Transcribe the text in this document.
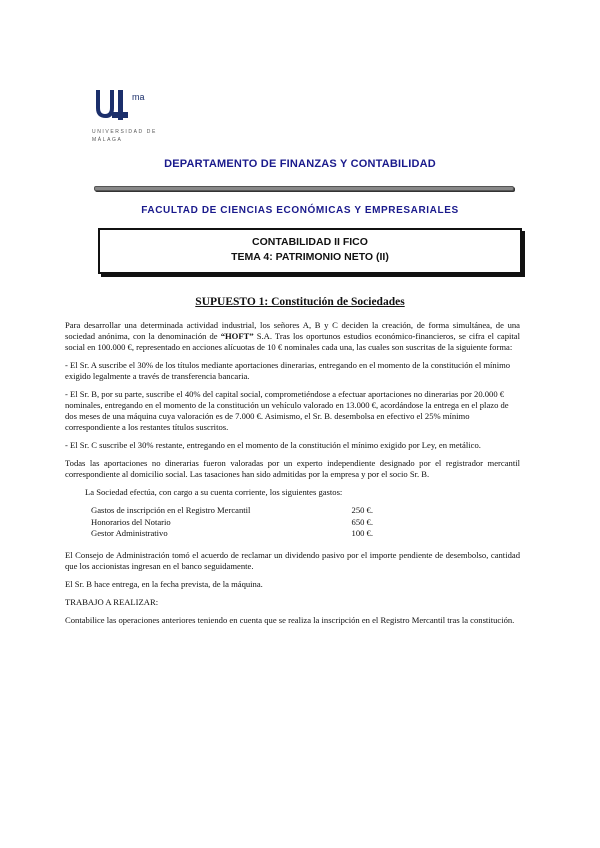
ma
UNIVERSIDAD DE MÁLAGA
DEPARTAMENTO DE FINANZAS Y CONTABILIDAD
FACULTAD DE CIENCIAS ECONÓMICAS Y EMPRESARIALES
CONTABILIDAD II FICO
TEMA 4: PATRIMONIO NETO (II)
SUPUESTO 1: Constitución de Sociedades

Para desarrollar una determinada actividad industrial, los señores A, B y C deciden la creación, de forma simultánea, de una sociedad anónima, con la denominación de “HOFT” S.A. Tras los oportunos estudios económico-financieros, se cifra el capital social en 100.000 €, representado en acciones alícuotas de 10 € nominales cada una, las cuales son suscritas de la siguiente forma:

- El Sr. A suscribe el 30% de los títulos mediante aportaciones dinerarias, entregando en el momento de la constitución el mínimo exigido legalmente a través de transferencia bancaria.

- El Sr. B, por su parte, suscribe el 40% del capital social, comprometiéndose a efectuar aportaciones no dinerarias por 20.000 € nominales, entregando en el momento de la constitución un vehículo valorado en 13.000 €, acordándose la entrega en el plazo de dos meses de una máquina cuya valoración es de 7.000 €. Asimismo, el Sr. B. desembolsa en efectivo el 25% mínimo correspondiente a los restantes títulos suscritos.

- El Sr. C suscribe el 30% restante, entregando en el momento de la constitución el mínimo exigido por Ley, en metálico.

Todas las aportaciones no dinerarias fueron valoradas por un experto independiente designado por el registrador mercantil correspondiente al domicilio social. Las tasaciones han sido admitidas por la empresa y por el socio Sr. B.

La Sociedad efectúa, con cargo a su cuenta corriente, los siguientes gastos:

Gastos de inscripción en el Registro Mercantil	250 €.
Honorarios del Notario	650 €.
Gestor Administrativo	100 €.

El Consejo de Administración tomó el acuerdo de reclamar un dividendo pasivo por el importe pendiente de desembolso, cantidad que los accionistas ingresan en el banco seguidamente.

El Sr. B hace entrega, en la fecha prevista, de la máquina.

TRABAJO A REALIZAR:

Contabilice las operaciones anteriores teniendo en cuenta que se realiza la inscripción en el Registro Mercantil tras la constitución.
